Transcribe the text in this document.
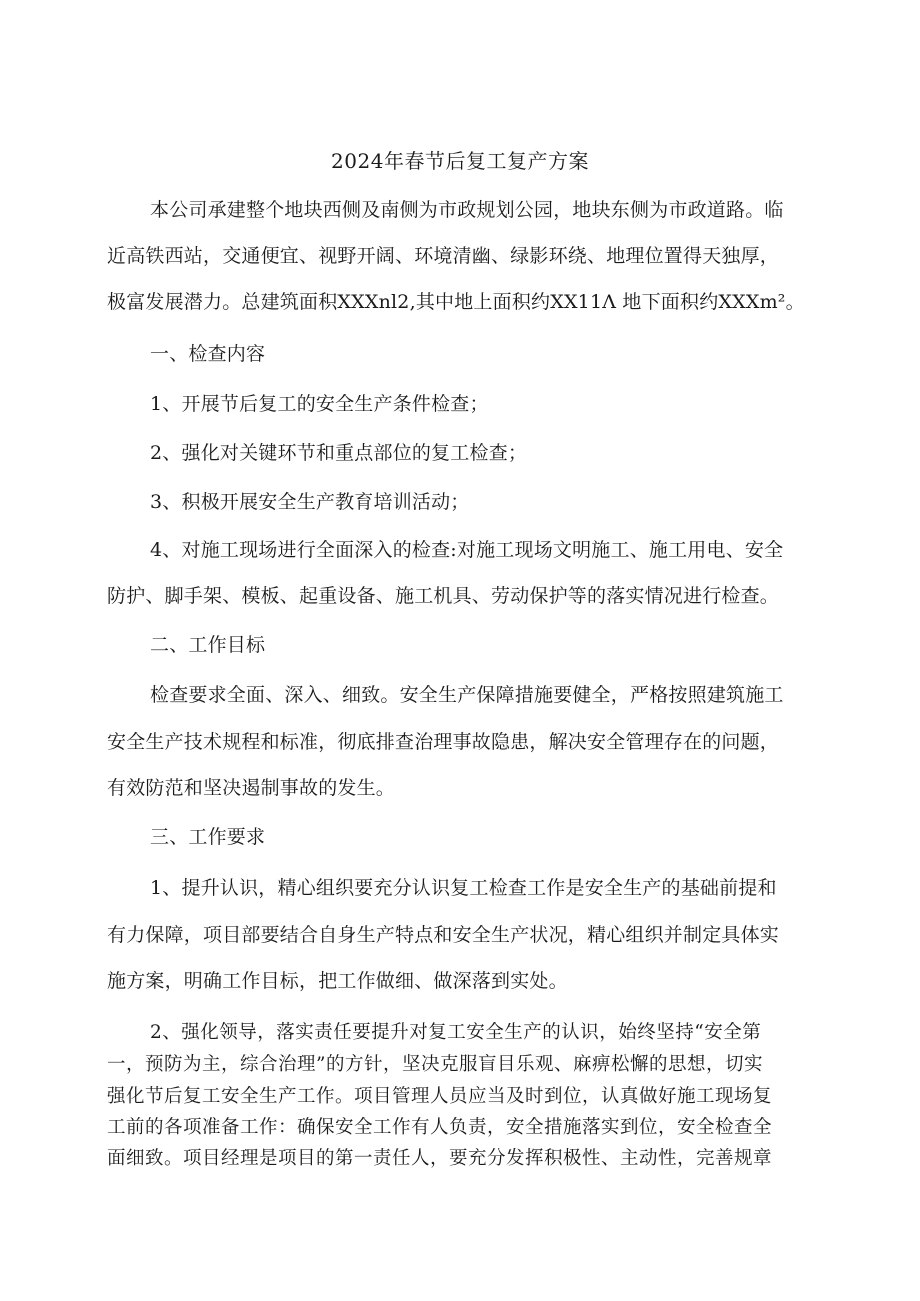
2024年春节后复工复产方案
本公司承建整个地块西侧及南侧为市政规划公园，地块东侧为市政道路。临
近高铁西站，交通便宜、视野开阔、环境清幽、绿影环绕、地理位置得天独厚，
极富发展潜力。总建筑面积XXXnl2,其中地上面积约XX11Λ 地下面积约XXXm²。
一、检查内容
1、开展节后复工的安全生产条件检查；
2、强化对关键环节和重点部位的复工检查；
3、积极开展安全生产教育培训活动；
4、对施工现场进行全面深入的检查:对施工现场文明施工、施工用电、安全
防护、脚手架、模板、起重设备、施工机具、劳动保护等的落实情况进行检查。
二、工作目标
检查要求全面、深入、细致。安全生产保障措施要健全，严格按照建筑施工
安全生产技术规程和标准，彻底排查治理事故隐患，解决安全管理存在的问题，
有效防范和坚决遏制事故的发生。
三、工作要求
1、提升认识，精心组织要充分认识复工检查工作是安全生产的基础前提和
有力保障，项目部要结合自身生产特点和安全生产状况，精心组织并制定具体实
施方案，明确工作目标，把工作做细、做深落到实处。
2、强化领导，落实责任要提升对复工安全生产的认识，始终坚持“安全第
一，预防为主，综合治理”的方针，坚决克服盲目乐观、麻痹松懈的思想，切实
强化节后复工安全生产工作。项目管理人员应当及时到位，认真做好施工现场复
工前的各项准备工作：确保安全工作有人负责，安全措施落实到位，安全检查全
面细致。项目经理是项目的第一责任人，要充分发挥积极性、主动性，完善规章
